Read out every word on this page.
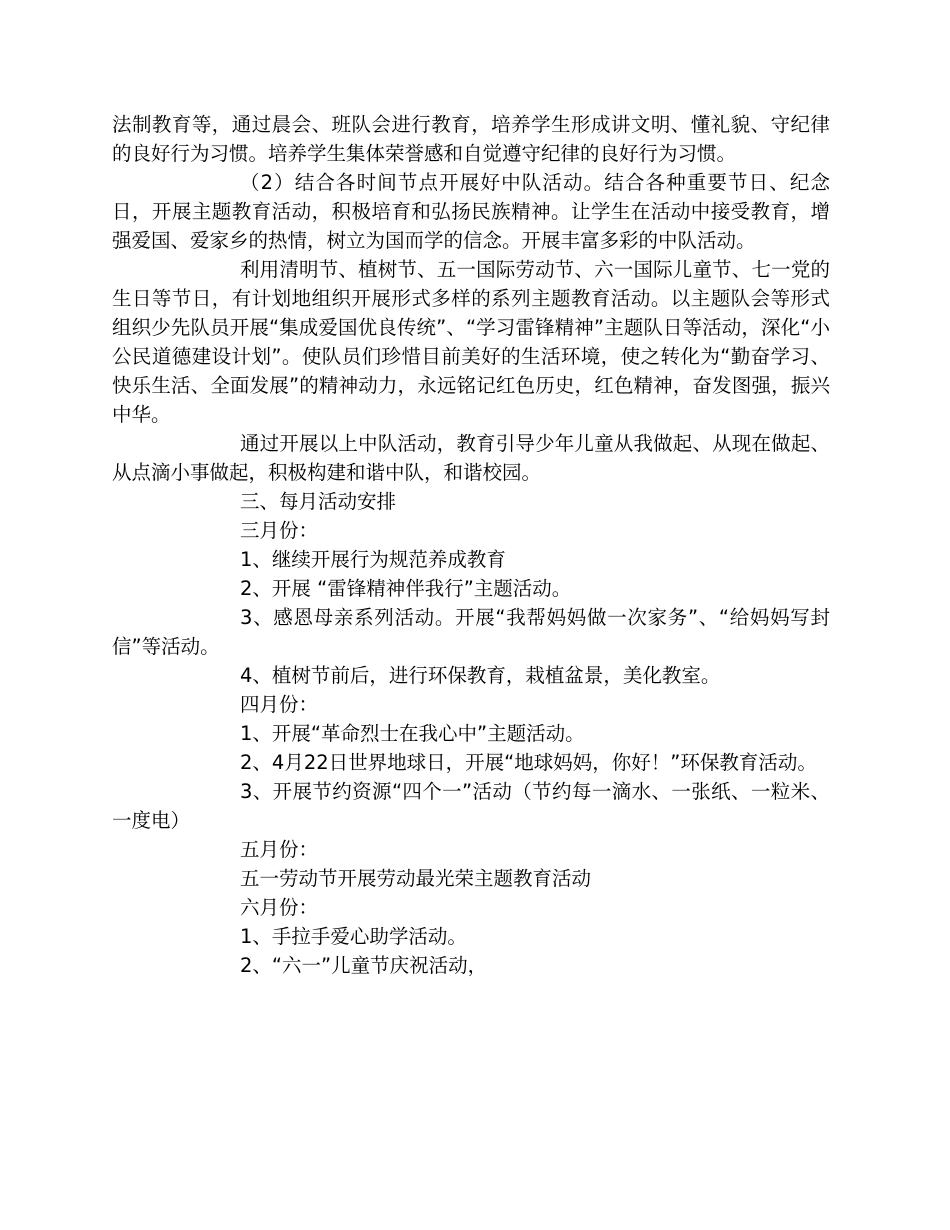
法制教育等，通过晨会、班队会进行教育，培养学生形成讲文明、懂礼貌、守纪律的良好行为习惯。培养学生集体荣誉感和自觉遵守纪律的良好行为习惯。

（2）结合各时间节点开展好中队活动。结合各种重要节日、纪念日，开展主题教育活动，积极培育和弘扬民族精神。让学生在活动中接受教育，增强爱国、爱家乡的热情，树立为国而学的信念。开展丰富多彩的中队活动。

利用清明节、植树节、五一国际劳动节、六一国际儿童节、七一党的生日等节日，有计划地组织开展形式多样的系列主题教育活动。以主题队会等形式组织少先队员开展“集成爱国优良传统”、“学习雷锋精神”主题队日等活动，深化“小公民道德建设计划”。使队员们珍惜目前美好的生活环境，使之转化为“勤奋学习、快乐生活、全面发展”的精神动力，永远铭记红色历史，红色精神，奋发图强，振兴中华。

通过开展以上中队活动，教育引导少年儿童从我做起、从现在做起、从点滴小事做起，积极构建和谐中队，和谐校园。

三、每月活动安排

三月份：

1、继续开展行为规范养成教育

2、开展 “雷锋精神伴我行”主题活动。

3、感恩母亲系列活动。开展“我帮妈妈做一次家务”、“给妈妈写封信”等活动。

4、植树节前后，进行环保教育，栽植盆景，美化教室。

四月份：

1、开展“革命烈士在我心中”主题活动。

2、4月22日世界地球日，开展“地球妈妈，你好！”环保教育活动。

3、开展节约资源“四个一”活动（节约每一滴水、一张纸、一粒米、一度电）

五月份：

五一劳动节开展劳动最光荣主题教育活动

六月份：

1、手拉手爱心助学活动。

2、“六一”儿童节庆祝活动，
